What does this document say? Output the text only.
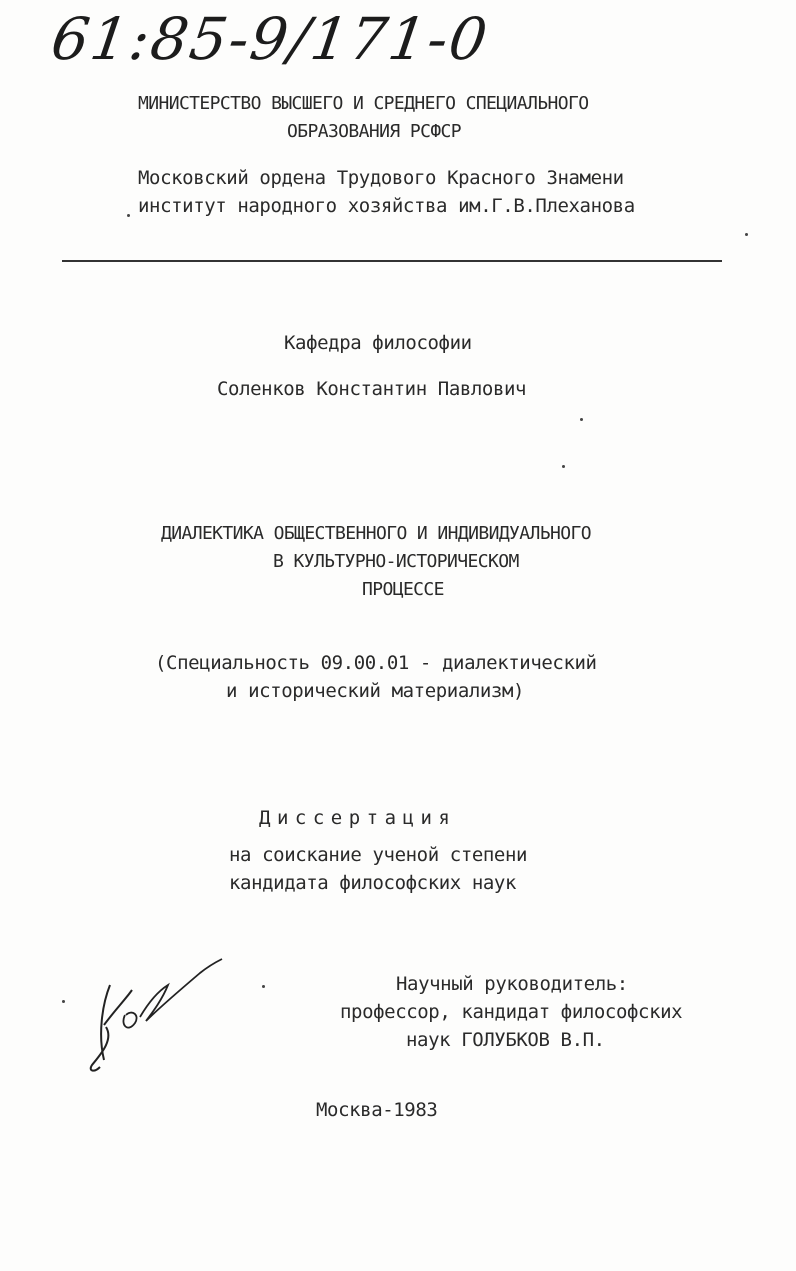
61:85-9/171-0
МИНИСТЕРСТВО ВЫСШЕГО И СРЕДНЕГО СПЕЦИАЛЬНОГО
ОБРАЗОВАНИЯ РСФСР
Московский ордена Трудового Красного Знамени
институт народного хозяйства им.Г.В.Плеханова
Кафедра философии
Соленков Константин Павлович
ДИАЛЕКТИКА ОБЩЕСТВЕННОГО И ИНДИВИДУАЛЬНОГО
В КУЛЬТУРНО-ИСТОРИЧЕСКОМ
ПРОЦЕССЕ
(Специальность 09.00.01 - диалектический
и исторический материализм)
Диссертация
на соискание ученой степени
кандидата философских наук
Научный руководитель:
профессор, кандидат философских
наук ГОЛУБКОВ В.П.
Москва-1983
